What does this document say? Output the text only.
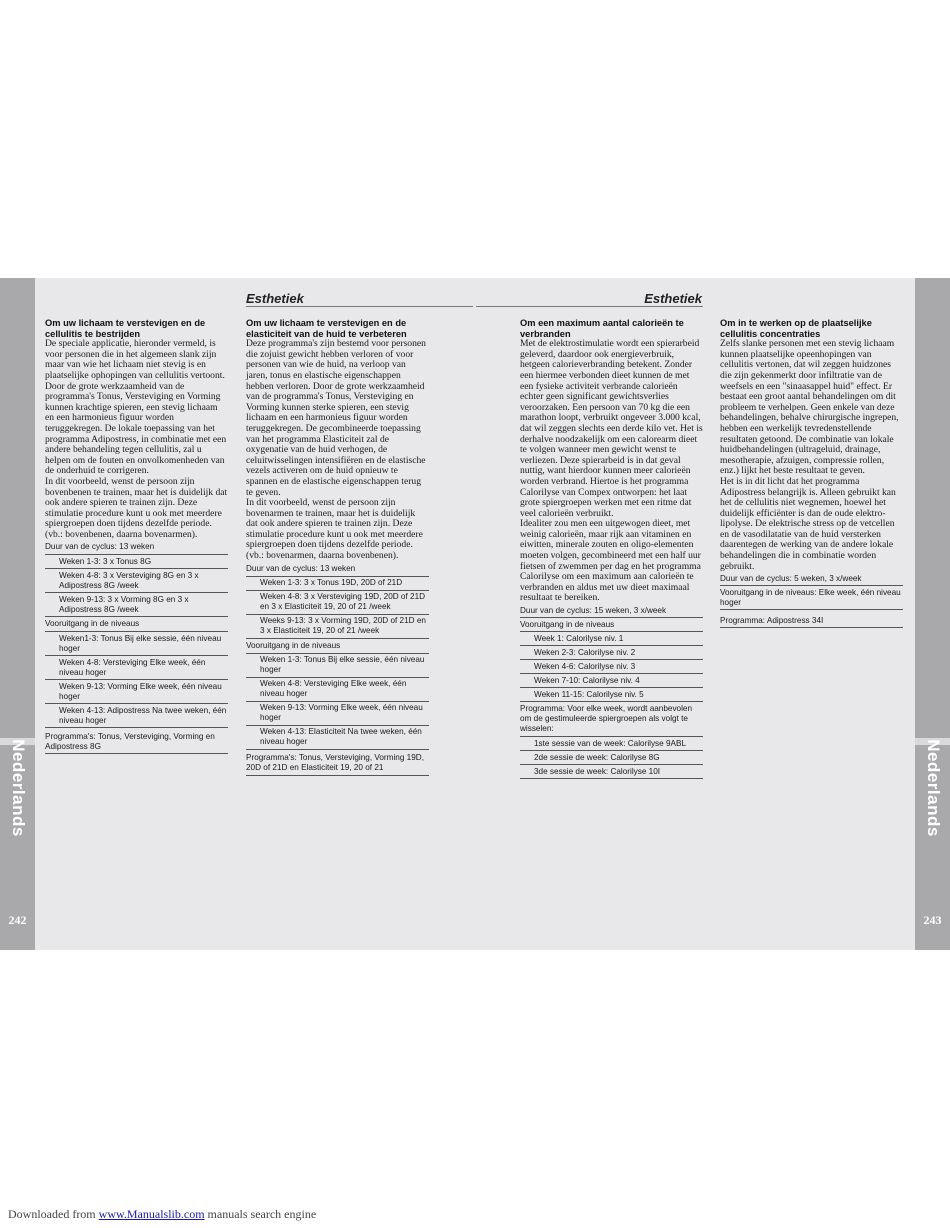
Nederlands
242
Nederlands
243
Esthetiek	Esthetiek
Om uw lichaam te verstevigen en de cellulitis te bestrijden

De speciale applicatie, hieronder vermeld, is voor personen die in het algemeen slank zijn maar van wie het lichaam niet stevig is en plaatselijke ophopingen van cellulitis vertoont. Door de grote werkzaamheid van de programma's Tonus, Versteviging en Vorming kunnen krachtige spieren, een stevig lichaam en een harmonieus figuur worden teruggekregen. De lokale toepassing van het programma Adipostress, in combinatie met een andere behandeling tegen cellulitis, zal u helpen om de fouten en onvolkomenheden van de onderhuid te corrigeren.

In dit voorbeeld, wenst de persoon zijn bovenbenen te trainen, maar het is duidelijk dat ook andere spieren te trainen zijn. Deze stimulatie procedure kunt u ook met meerdere spiergroepen doen tijdens dezelfde periode. (vb.: bovenbenen, daarna bovenarmen).

Duur van de cyclus: 13 weken
Weken 1-3: 3 x Tonus 8G
Weken 4-8: 3 x Versteviging 8G en 3 x Adipostress 8G /week
Weken 9-13: 3 x Vorming 8G en 3 x Adipostress 8G /week
Vooruitgang in de niveaus
Weken1-3: Tonus Bij elke sessie, één niveau hoger
Weken 4-8: Versteviging Elke week, één niveau hoger
Weken 9-13: Vorming Elke week, één niveau hoger
Weken 4-13: Adipostress Na twee weken, één niveau hoger
Programma's: Tonus, Versteviging, Vorming en Adipostress 8G
Om uw lichaam te verstevigen en de elasticiteit van de huid te verbeteren

Deze programma's zijn bestemd voor personen die zojuist gewicht hebben verloren of voor personen van wie de huid, na verloop van jaren, tonus en elastische eigenschappen hebben verloren. Door de grote werkzaamheid van de programma's Tonus, Versteviging en Vorming kunnen sterke spieren, een stevig lichaam en een harmonieus figuur worden teruggekregen. De gecombineerde toepassing van het programma Elasticiteit zal de oxygenatie van de huid verhogen, de celuitwisselingen intensifiëren en de elastische vezels activeren om de huid opnieuw te spannen en de elastische eigenschappen terug te geven.

In dit voorbeeld, wenst de persoon zijn bovenarmen te trainen, maar het is duidelijk dat ook andere spieren te trainen zijn. Deze stimulatie procedure kunt u ook met meerdere spiergroepen doen tijdens dezelfde periode. (vb.: bovenarmen, daarna bovenbenen).

Duur van de cyclus: 13 weken
Weken 1-3: 3 x Tonus 19D, 20D of 21D
Weken 4-8: 3 x Versteviging 19D, 20D of 21D en 3 x Elasticiteit 19, 20 of 21 /week
Weeks 9-13: 3 x Vorming 19D, 20D of 21D en 3 x Elasticiteit 19, 20 of 21 /week
Vooruitgang in de niveaus
Weken 1-3: Tonus Bij elke sessie, één niveau hoger
Weken 4-8: Versteviging Elke week, één niveau hoger
Weken 9-13: Vorming Elke week, één niveau hoger
Weken 4-13: Elasticiteit Na twee weken, één niveau hoger
Programma's: Tonus, Versteviging, Vorming 19D, 20D of 21D en Elasticiteit 19, 20 of 21
Om een maximum aantal calorieën te verbranden

Met de elektrostimulatie wordt een spierarbeid geleverd, daardoor ook energieverbruik, hetgeen calorieverbranding betekent. Zonder een hiermee verbonden dieet kunnen de met een fysieke activiteit verbrande calorieën echter geen significant gewichtsverlies veroorzaken. Een persoon van 70 kg die een marathon loopt, verbruikt ongeveer 3.000 kcal, dat wil zeggen slechts een derde kilo vet. Het is derhalve noodzakelijk om een calorearm dieet te volgen wanneer men gewicht wenst te verliezen. Deze spierarbeid is in dat geval nuttig, want hierdoor kunnen meer calorieën worden verbrand. Hiertoe is het programma Calorilyse van Compex ontworpen: het laat grote spiergroepen werken met een ritme dat veel calorieën verbruikt.

Idealiter zou men een uitgewogen dieet, met weinig calorieën, maar rijk aan vitaminen en eiwitten, minerale zouten en oligo-elementen moeten volgen, gecombineerd met een half uur fietsen of zwemmen per dag en het programma Calorilyse om een maximum aan calorieën te verbranden en aldus met uw dieet maximaal resultaat te bereiken.

Duur van de cyclus: 15 weken, 3 x/week
Vooruitgang in de niveaus
Week 1: Calorilyse niv. 1
Weken 2-3: Calorilyse niv. 2
Weken 4-6: Calorilyse niv. 3
Weken 7-10: Calorilyse niv. 4
Weken 11-15: Calorilyse niv. 5
Programma: Voor elke week, wordt aanbevolen om de gestimuleerde spiergroepen als volgt te wisselen:
1ste sessie van de week: Calorilyse 9ABL
2de sessie de week: Calorilyse 8G
3de sessie de week: Calorilyse 10I
Om in te werken op de plaatselijke cellulitis concentraties

Zelfs slanke personen met een stevig lichaam kunnen plaatselijke opeenhopingen van cellulitis vertonen, dat wil zeggen huidzones die zijn gekenmerkt door infiltratie van de weefsels en een "sinaasappel huid" effect. Er bestaat een groot aantal behandelingen om dit probleem te verhelpen. Geen enkele van deze behandelingen, behalve chirurgische ingrepen, hebben een werkelijk tevredenstellende resultaten getoond. De combinatie van lokale huidbehandelingen (ultrageluid, drainage, mesotherapie, afzuigen, compressie rollen, enz.) lijkt het beste resultaat te geven.

Het is in dit licht dat het programma Adipostress belangrijk is. Alleen gebruikt kan het de cellulitis niet wegnemen, hoewel het duidelijk efficiënter is dan de oude elektro-lipolyse. De elektrische stress op de vetcellen en de vasodilatatie van de huid versterken daarentegen de werking van de andere lokale behandelingen die in combinatie worden gebruikt.

Duur van de cyclus: 5 weken, 3 x/week
Vooruitgang in de niveaus: Elke week, één niveau hoger
Programma: Adipostress 34I
Downloaded from www.Manualslib.com manuals search engine
